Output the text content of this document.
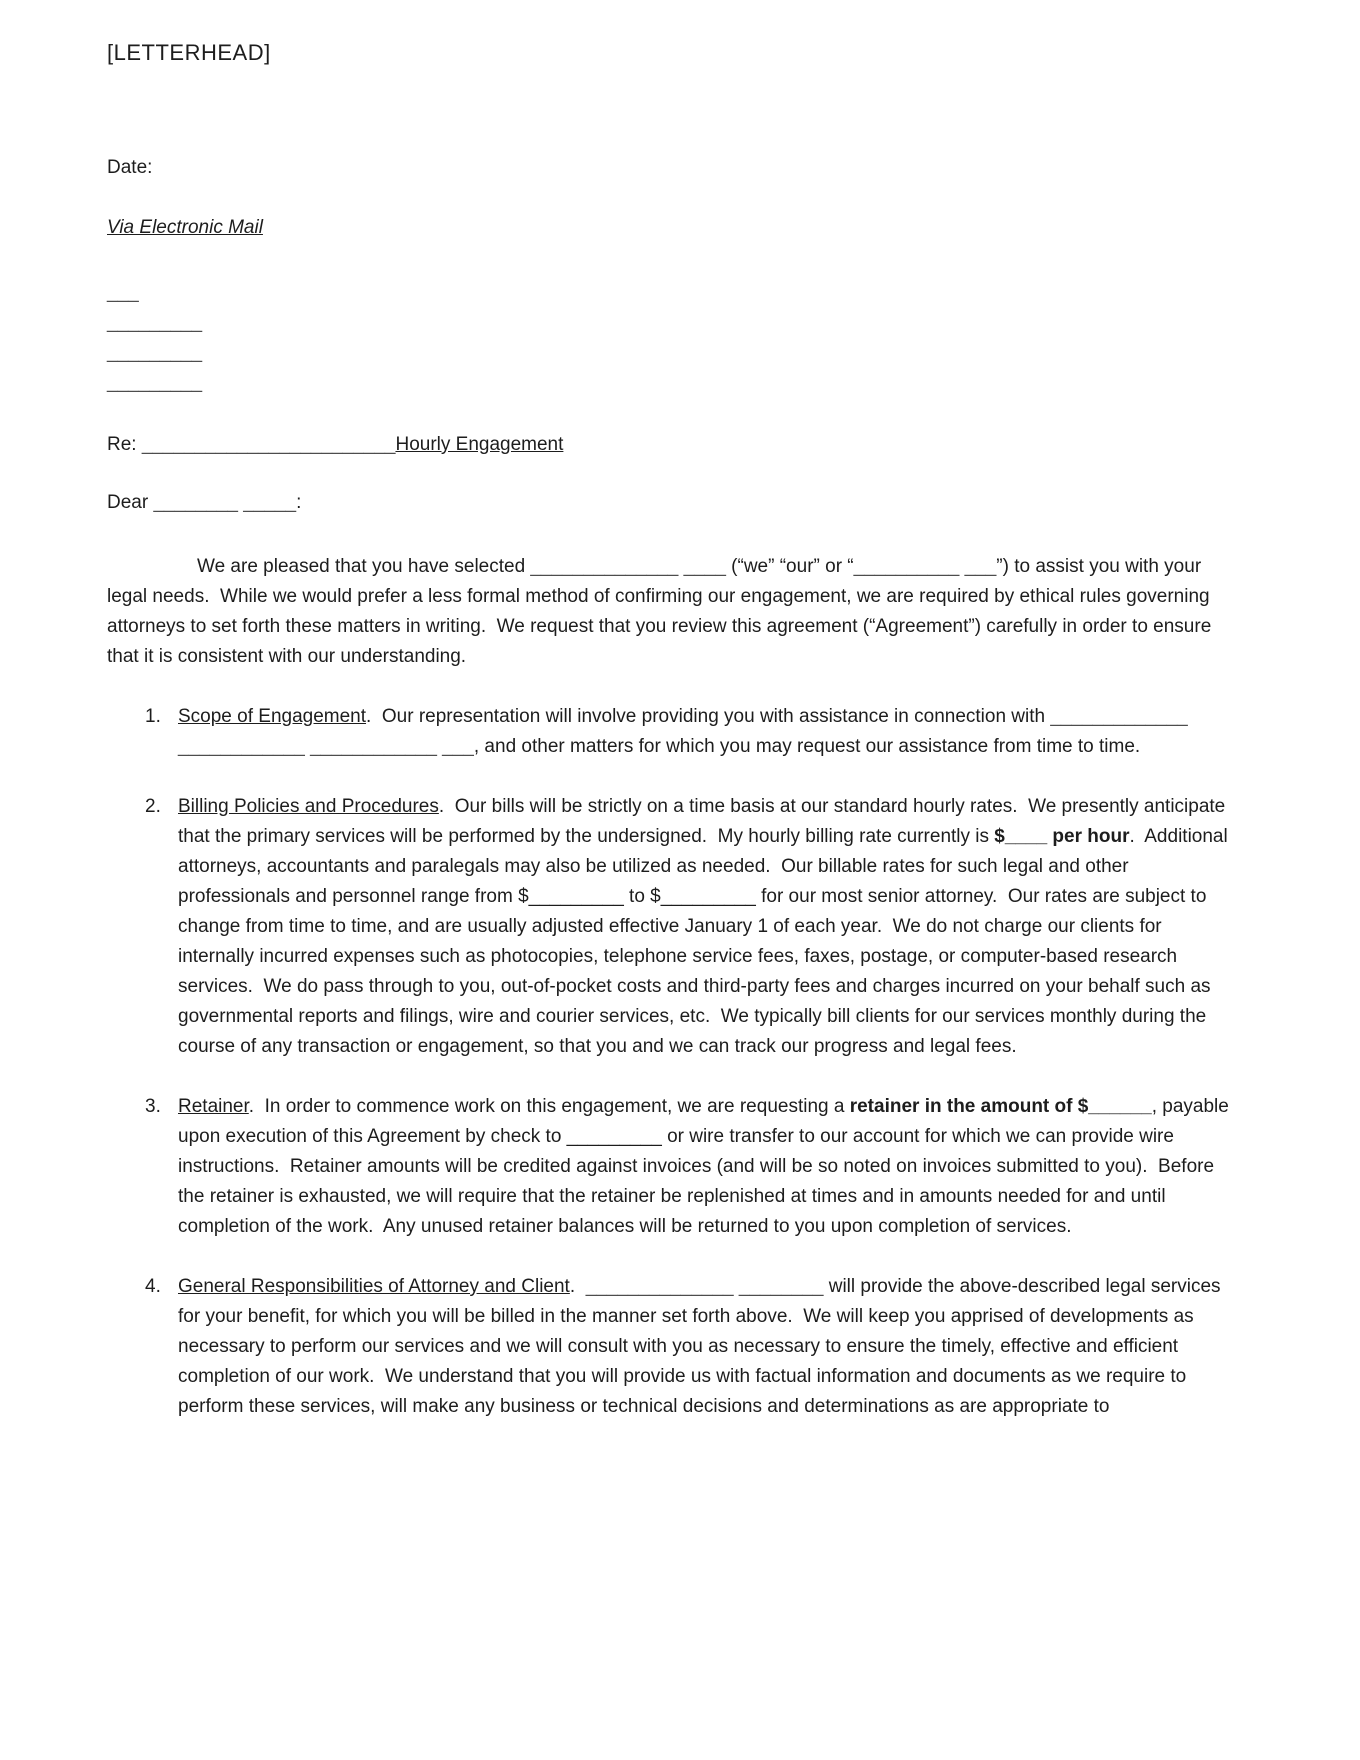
[LETTERHEAD]
Date:
Via Electronic Mail
___
_________
_________
_________
Re: ________________________Hourly Engagement
Dear ________ _____:
We are pleased that you have selected ______________ ____ (“we” “our” or “__________ ___”) to assist you with your legal needs.  While we would prefer a less formal method of confirming our engagement, we are required by ethical rules governing attorneys to set forth these matters in writing.  We request that you review this agreement (“Agreement”) carefully in order to ensure that it is consistent with our understanding.
1. Scope of Engagement.  Our representation will involve providing you with assistance in connection with _____________ ____________ ____________ ___, and other matters for which you may request our assistance from time to time.
2. Billing Policies and Procedures.  Our bills will be strictly on a time basis at our standard hourly rates.  We presently anticipate that the primary services will be performed by the undersigned.  My hourly billing rate currently is $____ per hour.  Additional attorneys, accountants and paralegals may also be utilized as needed.  Our billable rates for such legal and other professionals and personnel range from $_________ to $_________ for our most senior attorney.  Our rates are subject to change from time to time, and are usually adjusted effective January 1 of each year.  We do not charge our clients for internally incurred expenses such as photocopies, telephone service fees, faxes, postage, or computer-based research services.  We do pass through to you, out-of-pocket costs and third-party fees and charges incurred on your behalf such as governmental reports and filings, wire and courier services, etc.  We typically bill clients for our services monthly during the course of any transaction or engagement, so that you and we can track our progress and legal fees.
3. Retainer.  In order to commence work on this engagement, we are requesting a retainer in the amount of $______, payable upon execution of this Agreement by check to _________ or wire transfer to our account for which we can provide wire instructions.  Retainer amounts will be credited against invoices (and will be so noted on invoices submitted to you).  Before the retainer is exhausted, we will require that the retainer be replenished at times and in amounts needed for and until completion of the work.  Any unused retainer balances will be returned to you upon completion of services.
4. General Responsibilities of Attorney and Client.  ______________ ________ will provide the above-described legal services for your benefit, for which you will be billed in the manner set forth above.  We will keep you apprised of developments as necessary to perform our services and we will consult with you as necessary to ensure the timely, effective and efficient completion of our work.  We understand that you will provide us with factual information and documents as we require to perform these services, will make any business or technical decisions and determinations as are appropriate to
